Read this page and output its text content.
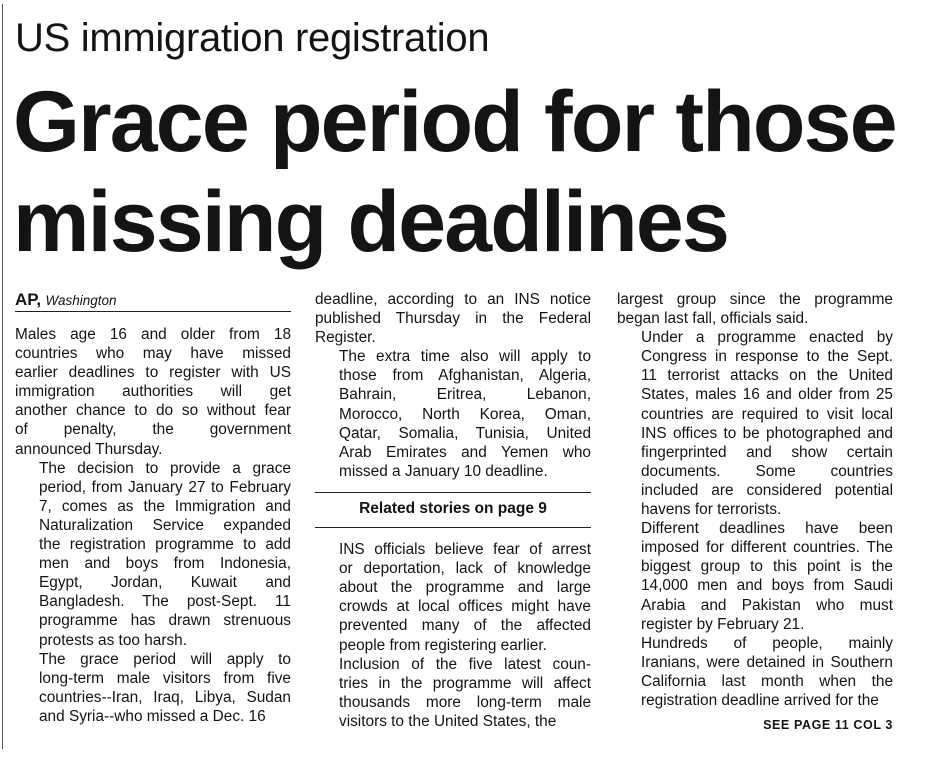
US immigration registration
Grace period for those
missing deadlines
AP, Washington

Males age 16 and older from 18
countries who may have missed
earlier deadlines to register with US
immigration authorities will get
another chance to do so without fear
of penalty, the government
announced Thursday.

The decision to provide a grace
period, from January 27 to February
7, comes as the Immigration and
Naturalization Service expanded
the registration programme to add
men and boys from Indonesia,
Egypt, Jordan, Kuwait and
Bangladesh. The post-Sept. 11
programme has drawn strenuous
protests as too harsh.

The grace period will apply to
long-term male visitors from five
countries--Iran, Iraq, Libya, Sudan
and Syria--who missed a Dec. 16

deadline, according to an INS notice
published Thursday in the Federal
Register.

The extra time also will apply to
those from Afghanistan, Algeria,
Bahrain, Eritrea, Lebanon,
Morocco, North Korea, Oman,
Qatar, Somalia, Tunisia, United
Arab Emirates and Yemen who
missed a January 10 deadline.

Related stories on page 9

INS officials believe fear of arrest
or deportation, lack of knowledge
about the programme and large
crowds at local offices might have
prevented many of the affected
people from registering earlier.

Inclusion of the five latest coun-
tries in the programme will affect
thousands more long-term male
visitors to the United States, the

largest group since the programme
began last fall, officials said.

Under a programme enacted by
Congress in response to the Sept.
11 terrorist attacks on the United
States, males 16 and older from 25
countries are required to visit local
INS offices to be photographed and
fingerprinted and show certain
documents. Some countries
included are considered potential
havens for terrorists.

Different deadlines have been
imposed for different countries. The
biggest group to this point is the
14,000 men and boys from Saudi
Arabia and Pakistan who must
register by February 21.

Hundreds of people, mainly
Iranians, were detained in Southern
California last month when the
registration deadline arrived for the

SEE PAGE 11 COL 3
